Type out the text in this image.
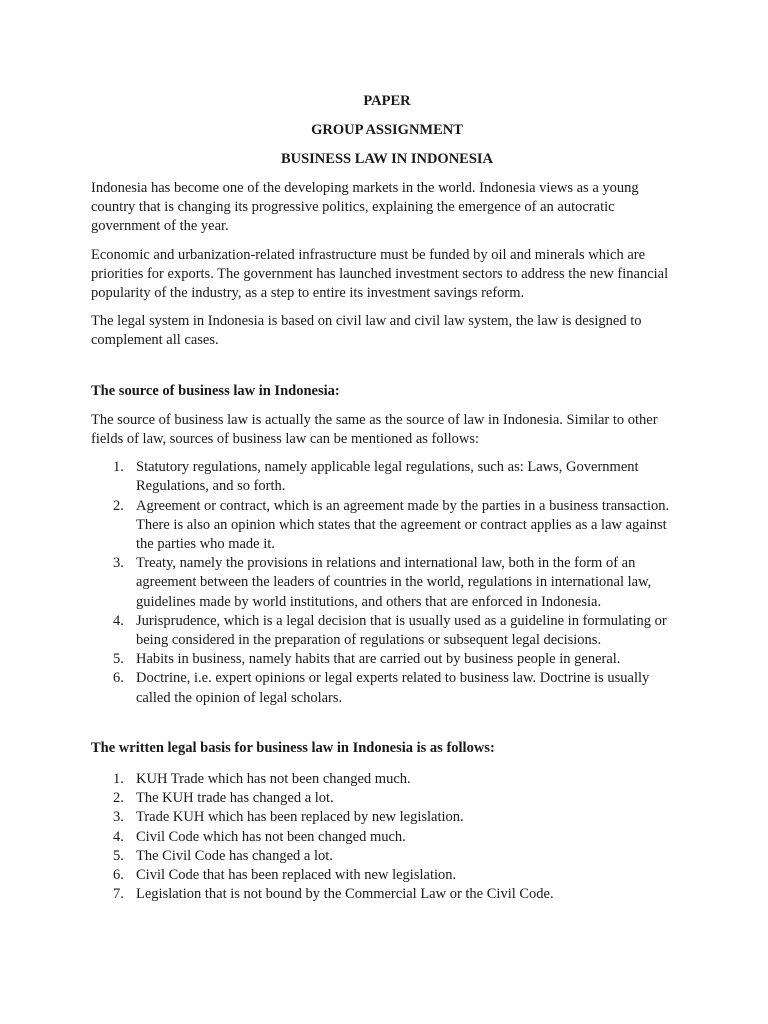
PAPER
GROUP ASSIGNMENT
BUSINESS LAW IN INDONESIA

Indonesia has become one of the developing markets in the world. Indonesia views as a young country that is changing its progressive politics, explaining the emergence of an autocratic government of the year.

Economic and urbanization-related infrastructure must be funded by oil and minerals which are priorities for exports. The government has launched investment sectors to address the new financial popularity of the industry, as a step to entire its investment savings reform.

The legal system in Indonesia is based on civil law and civil law system, the law is designed to complement all cases.

The source of business law in Indonesia:

The source of business law is actually the same as the source of law in Indonesia. Similar to other fields of law, sources of business law can be mentioned as follows:

1. Statutory regulations, namely applicable legal regulations, such as: Laws, Government Regulations, and so forth.
2. Agreement or contract, which is an agreement made by the parties in a business transaction. There is also an opinion which states that the agreement or contract applies as a law against the parties who made it.
3. Treaty, namely the provisions in relations and international law, both in the form of an agreement between the leaders of countries in the world, regulations in international law, guidelines made by world institutions, and others that are enforced in Indonesia.
4. Jurisprudence, which is a legal decision that is usually used as a guideline in formulating or being considered in the preparation of regulations or subsequent legal decisions.
5. Habits in business, namely habits that are carried out by business people in general.
6. Doctrine, i.e. expert opinions or legal experts related to business law. Doctrine is usually called the opinion of legal scholars.

The written legal basis for business law in Indonesia is as follows:

1. KUH Trade which has not been changed much.
2. The KUH trade has changed a lot.
3. Trade KUH which has been replaced by new legislation.
4. Civil Code which has not been changed much.
5. The Civil Code has changed a lot.
6. Civil Code that has been replaced with new legislation.
7. Legislation that is not bound by the Commercial Law or the Civil Code.
